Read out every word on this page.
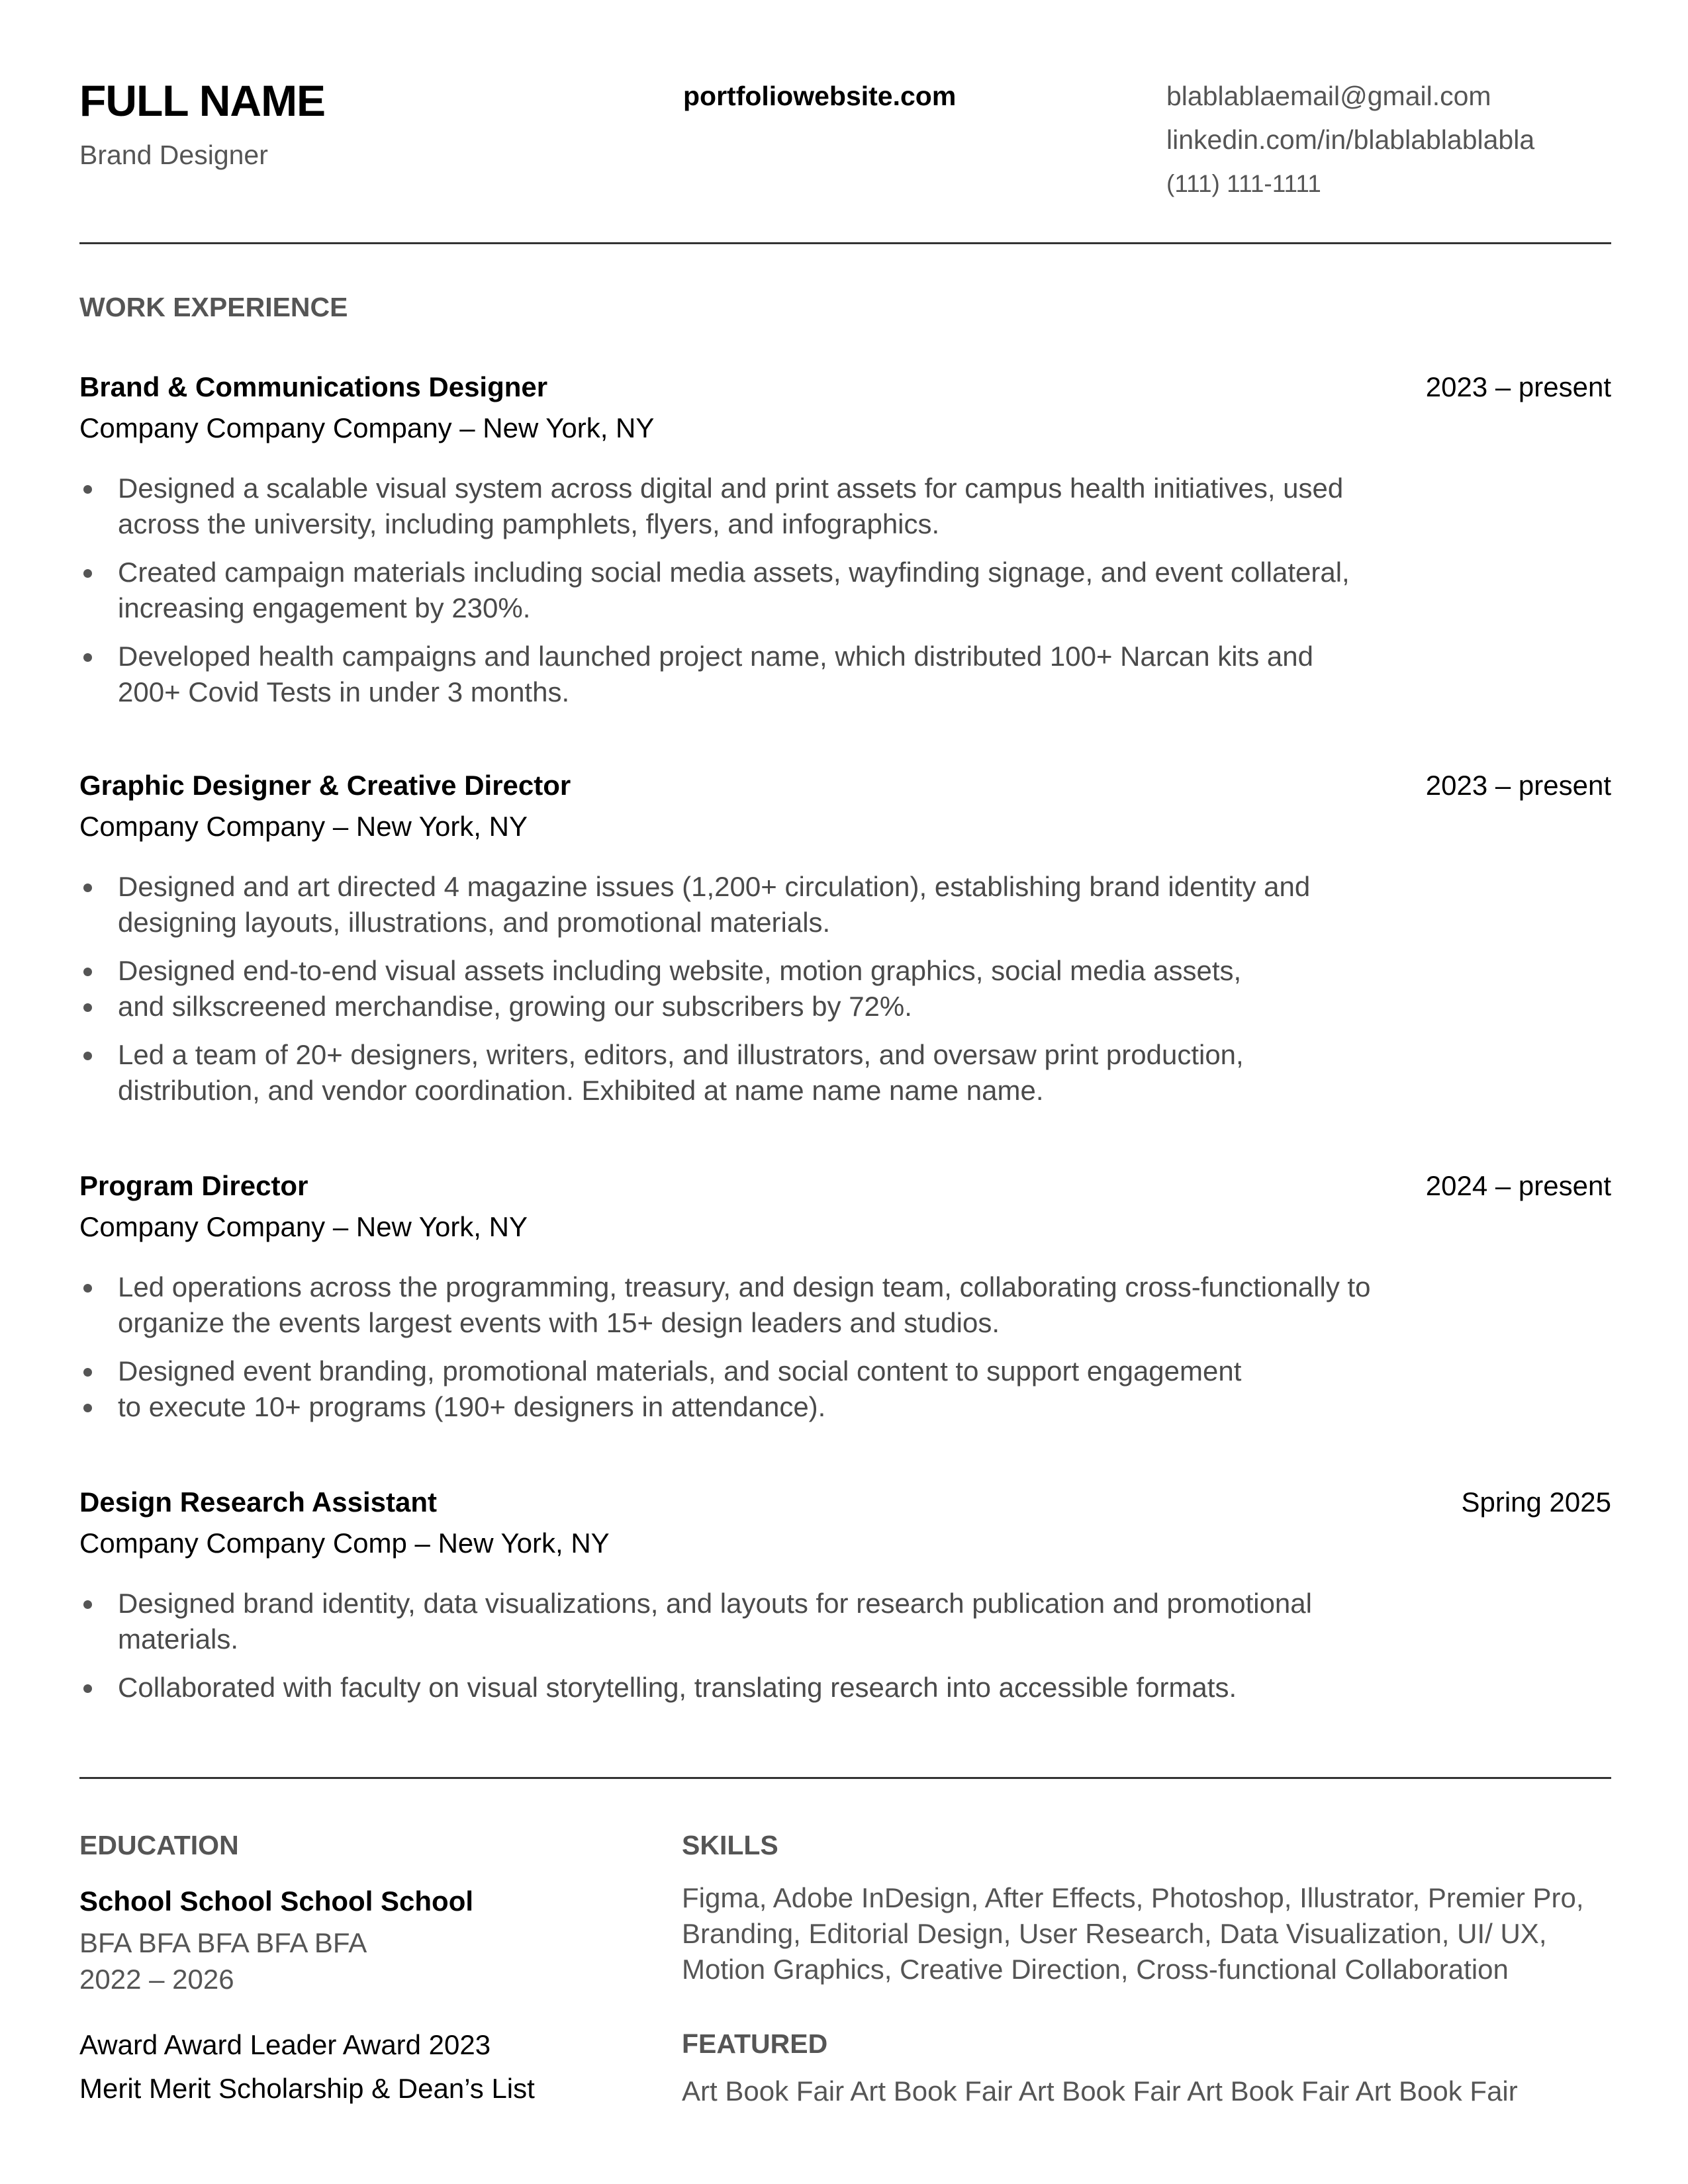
FULL NAME
Brand Designer
portfoliowebsite.com	blablablaemail@gmail.com
linkedin.com/in/blablablablabla
(111) 111-1111
WORK EXPERIENCE
Brand & Communications Designer	2023 – present
Company Company Company – New York, NY
Designed a scalable visual system across digital and print assets for campus health initiatives, used across the university, including pamphlets, flyers, and infographics.
Created campaign materials including social media assets, wayfinding signage, and event collateral, increasing engagement by 230%.
Developed health campaigns and launched project name, which distributed 100+ Narcan kits and 200+ Covid Tests in under 3 months.
Graphic Designer & Creative Director	2023 – present
Company Company – New York, NY
Designed and art directed 4 magazine issues (1,200+ circulation), establishing brand identity and designing layouts, illustrations, and promotional materials.
Designed end-to-end visual assets including website, motion graphics, social media assets,
and silkscreened merchandise, growing our subscribers by 72%.
Led a team of 20+ designers, writers, editors, and illustrators, and oversaw print production, distribution, and vendor coordination. Exhibited at name name name name.
Program Director	2024 – present
Company Company – New York, NY
Led operations across the programming, treasury, and design team, collaborating cross-functionally to organize the events largest events with 15+ design leaders and studios.
Designed event branding, promotional materials, and social content to support engagement
to execute 10+ programs (190+ designers in attendance).
Design Research Assistant	Spring 2025
Company Company Comp – New York, NY
Designed brand identity, data visualizations, and layouts for research publication and promotional materials.
Collaborated with faculty on visual storytelling, translating research into accessible formats.
EDUCATION
School School School School
BFA BFA BFA BFA BFA
2022 – 2026
Award Award Leader Award 2023
Merit Merit Scholarship & Dean’s List
SKILLS
Figma, Adobe InDesign, After Effects, Photoshop, Illustrator, Premier Pro, Branding, Editorial Design, User Research, Data Visualization, UI/ UX, Motion Graphics, Creative Direction, Cross-functional Collaboration
FEATURED
Art Book Fair Art Book Fair Art Book Fair Art Book Fair Art Book Fair
